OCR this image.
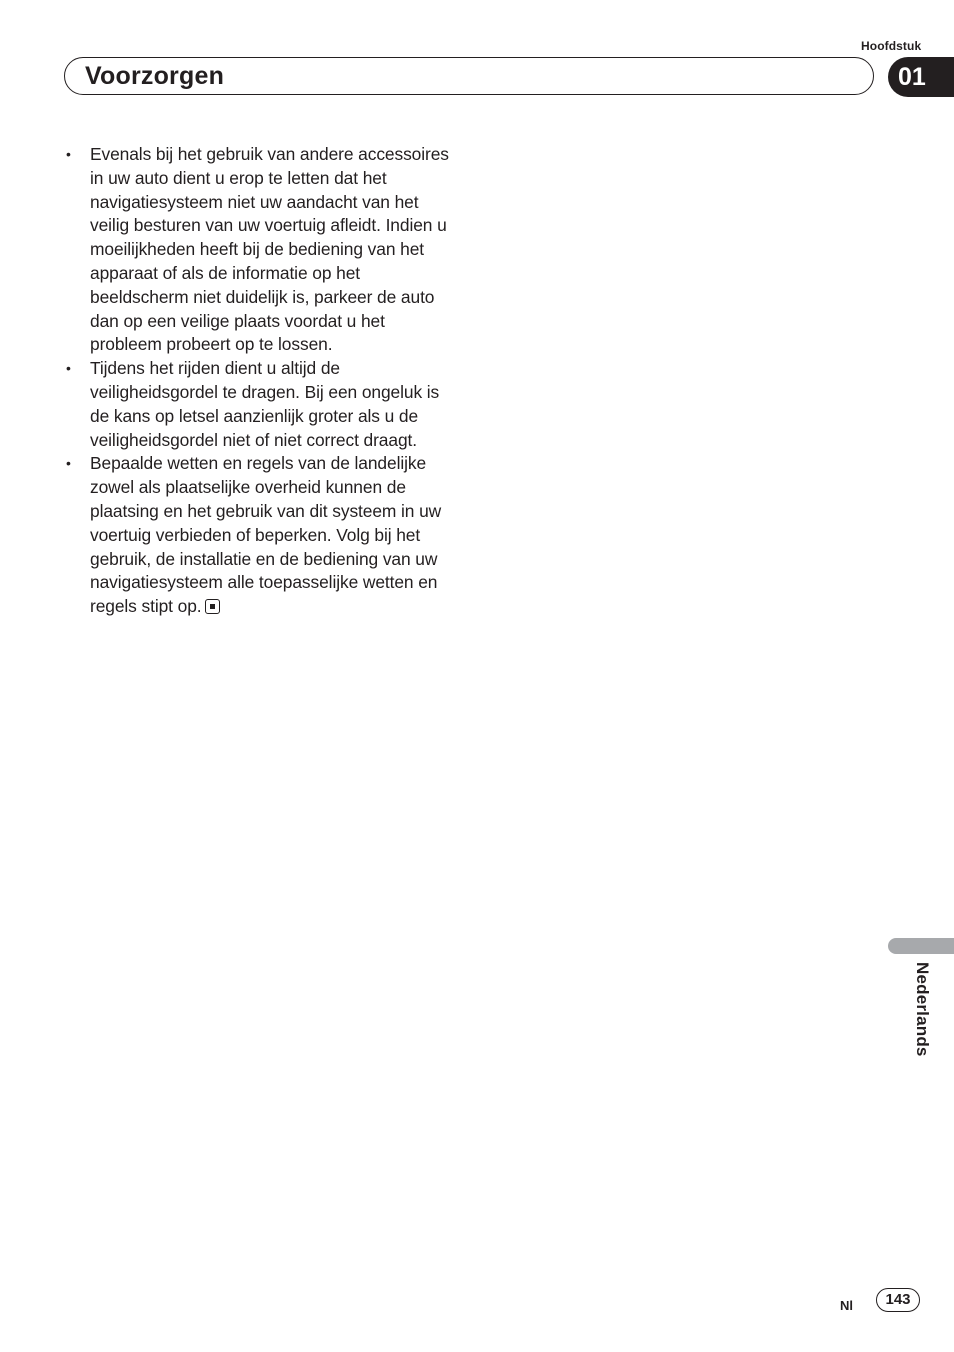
Hoofdstuk
Voorzorgen	01
• Evenals bij het gebruik van andere accessoires in uw auto dient u erop te letten dat het navigatiesysteem niet uw aandacht van het veilig besturen van uw voertuig afleidt. Indien u moeilijkheden heeft bij de bediening van het apparaat of als de informatie op het beeldscherm niet duidelijk is, parkeer de auto dan op een veilige plaats voordat u het probleem probeert op te lossen.
• Tijdens het rijden dient u altijd de veiligheidsgordel te dragen. Bij een ongeluk is de kans op letsel aanzienlijk groter als u de veiligheidsgordel niet of niet correct draagt.
• Bepaalde wetten en regels van de landelijke zowel als plaatselijke overheid kunnen de plaatsing en het gebruik van dit systeem in uw voertuig verbieden of beperken. Volg bij het gebruik, de installatie en de bediening van uw navigatiesysteem alle toepasselijke wetten en regels stipt op.
Nederlands
Nl	143
